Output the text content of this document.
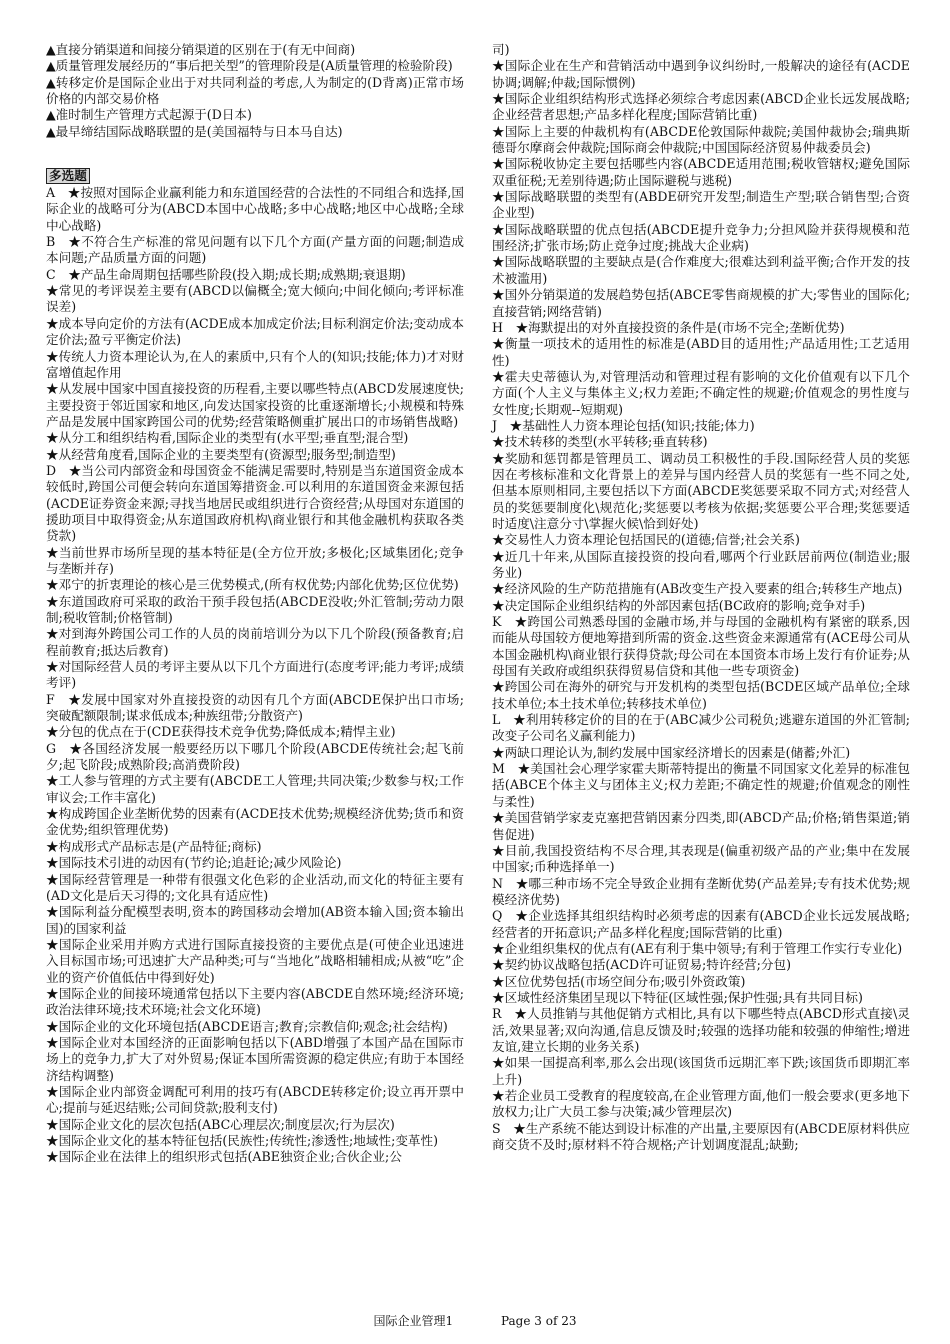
▲直接分销渠道和间接分销渠道的区别在于(有无中间商)

▲质量管理发展经历的“事后把关型”的管理阶段是(A质量管理的检验阶段)

▲转移定价是国际企业出于对共同利益的考虑,人为制定的(D背离)正常市场价格的内部交易价格

▲准时制生产管理方式起源于(D日本)

▲最早缔结国际战略联盟的是(美国福特与日本马自达)

多选题

A　★按照对国际企业赢利能力和东道国经营的合法性的不同组合和选择,国际企业的战略可分为(ABCD本国中心战略;多中心战略;地区中心战略;全球中心战略)

B　★不符合生产标准的常见问题有以下几个方面(产量方面的问题;制造成本问题;产品质量方面的问题)

C　★产品生命周期包括哪些阶段(投入期;成长期;成熟期;衰退期)

★常见的考评误差主要有(ABCD以偏概全;宽大倾向;中间化倾向;考评标准误差)

★成本导向定价的方法有(ACDE成本加成定价法;目标利润定价法;变动成本定价法;盈亏平衡定价法)

★传统人力资本理论认为,在人的素质中,只有个人的(知识;技能;体力)才对财富增值起作用

★从发展中国家中国直接投资的历程看,主要以哪些特点(ABCD发展速度快;主要投资于邻近国家和地区,向发达国家投资的比重逐渐增长;小规模和特殊产品是发展中国家跨国公司的优势;经营策略侧重扩展出口的市场销售战略)

★从分工和组织结构看,国际企业的类型有(水平型;垂直型;混合型)

★从经营角度看,国际企业的主要类型有(资源型;服务型;制造型)

D　★当公司内部资金和母国资金不能满足需要时,特别是当东道国资金成本较低时,跨国公司便会转向东道国筹措资金.可以利用的东道国资金来源包括(ACDE证券资金来源;寻找当地居民或组织进行合资经营;从母国对东道国的援助项目中取得资金;从东道国政府机构\商业银行和其他金融机构获取各类贷款)

★当前世界市场所呈现的基本特征是(全方位开放;多极化;区域集团化;竞争与垄断并存)

★邓宁的折衷理论的核心是三优势模式,(所有权优势;内部化优势;区位优势)

★东道国政府可采取的政治干预手段包括(ABCDE没收;外汇管制;劳动力限制;税收管制;价格管制)

★对到海外跨国公司工作的人员的岗前培训分为以下几个阶段(预备教育;启程前教育;抵达后教育)

★对国际经营人员的考评主要从以下几个方面进行(态度考评;能力考评;成绩考评)

F　★发展中国家对外直接投资的动因有几个方面(ABCDE保护出口市场;突破配额限制;谋求低成本;种族纽带;分散资产)

★分包的优点在于(CDE获得技术竞争优势;降低成本;精悍主业)

G　★各国经济发展一般要经历以下哪几个阶段(ABCDE传统社会;起飞前夕;起飞阶段;成熟阶段;高消费阶段)

★工人参与管理的方式主要有(ABCDE工人管理;共同决策;少数参与权;工作审议会;工作丰富化)

★构成跨国企业垄断优势的因素有(ACDE技术优势;规模经济优势;货币和资金优势;组织管理优势)

★构成形式产品标志是(产品特征;商标)

★国际技术引进的动因有(节约论;追赶论;减少风险论)

★国际经营管理是一种带有很强文化色彩的企业活动,而文化的特征主要有(AD文化是后天习得的;文化具有适应性)

★国际利益分配模型表明,资本的跨国移动会增加(AB资本输入国;资本输出国)的国家利益

★国际企业采用并购方式进行国际直接投资的主要优点是(可使企业迅速进入目标国市场;可迅速扩大产品种类;可与“当地化”战略相辅相成;从被“吃”企业的资产价值低估中得到好处)

★国际企业的间接环境通常包括以下主要内容(ABCDE自然环境;经济环境;政治法律环境;技术环境;社会文化环境)

★国际企业的文化环境包括(ABCDE语言;教育;宗教信仰;观念;社会结构)

★国际企业对本国经济的正面影响包括以下(ABD增强了本国产品在国际市场上的竞争力,扩大了对外贸易;保证本国所需资源的稳定供应;有助于本国经济结构调整)

★国际企业内部资金调配可利用的技巧有(ABCDE转移定价;设立再开票中心;提前与延迟结账;公司间贷款;股利支付)

★国际企业文化的层次包括(ABC心理层次;制度层次;行为层次)

★国际企业文化的基本特征包括(民族性;传统性;渗透性;地域性;变革性)

★国际企业在法律上的组织形式包括(ABE独资企业;合伙企业;公

司)

★国际企业在生产和营销活动中遇到争议纠纷时,一般解决的途径有(ACDE协调;调解;仲裁;国际惯例)

★国际企业组织结构形式选择必须综合考虑因素(ABCD企业长远发展战略;企业经营者思想;产品多样化程度;国际营销比重)

★国际上主要的仲裁机构有(ABCDE伦敦国际仲裁院;美国仲裁协会;瑞典斯德哥尔摩商会仲裁院;国际商会仲裁院;中国国际经济贸易仲裁委员会)

★国际税收协定主要包括哪些内容(ABCDE适用范围;税收管辖权;避免国际双重征税;无差别待遇;防止国际避税与逃税)

★国际战略联盟的类型有(ABDE研究开发型;制造生产型;联合销售型;合资企业型)

★国际战略联盟的优点包括(ABCDE提升竞争力;分担风险并获得规模和范围经济;扩张市场;防止竞争过度;挑战大企业病)

★国际战略联盟的主要缺点是(合作难度大;很难达到利益平衡;合作开发的技术被滥用)

★国外分销渠道的发展趋势包括(ABCE零售商规模的扩大;零售业的国际化;直接营销;网络营销)

H　★海默提出的对外直接投资的条件是(市场不完全;垄断优势)

★衡量一项技术的适用性的标准是(ABD目的适用性;产品适用性;工艺适用性)

★霍夫史蒂德认为,对管理活动和管理过程有影响的文化价值观有以下几个方面(个人主义与集体主义;权力差距;不确定性的规避;价值观念的男性度与女性度;长期观--短期观)

J　★基础性人力资本理论包括(知识;技能;体力)

★技术转移的类型(水平转移;垂直转移)

★奖励和惩罚都是管理员工、调动员工积极性的手段.国际经营人员的奖惩因在考核标准和文化背景上的差异与国内经营人员的奖惩有一些不同之处,但基本原则相同,主要包括以下方面(ABCDE奖惩要采取不同方式;对经营人员的奖惩要制度化\规范化;奖惩要以考核为依据;奖惩要公平合理;奖惩要适时适度\注意分寸\掌握火候\恰到好处)

★交易性人力资本理论包括国民的(道德;信誉;社会关系)

★近几十年来,从国际直接投资的投向看,哪两个行业跃居前两位(制造业;服务业)

★经济风险的生产防范措施有(AB改变生产投入要素的组合;转移生产地点)

★决定国际企业组织结构的外部因素包括(BC政府的影响;竞争对手)

K　★跨国公司熟悉母国的金融市场,并与母国的金融机构有紧密的联系,因而能从母国较方便地筹措到所需的资金.这些资金来源通常有(ACE母公司从本国金融机构\商业银行获得贷款;母公司在本国资本市场上发行有价证券;从母国有关政府或组织获得贸易信贷和其他一些专项资金)

★跨国公司在海外的研究与开发机构的类型包括(BCDE区域产品单位;全球技术单位;本土技术单位;转移技术单位)

L　★利用转移定价的目的在于(ABC减少公司税负;逃避东道国的外汇管制;改变子公司名义赢利能力)

★两缺口理论认为,制约发展中国家经济增长的因素是(储蓄;外汇)

M　★美国社会心理学家霍夫斯蒂特提出的衡量不同国家文化差异的标准包括(ABCE个体主义与团体主义;权力差距;不确定性的规避;价值观念的刚性与柔性)

★美国营销学家麦克塞把营销因素分四类,即(ABCD产品;价格;销售渠道;销售促进)

★目前,我国投资结构不尽合理,其表现是(偏重初级产品的产业;集中在发展中国家;币种选择单一)

N　★哪三种市场不完全导致企业拥有垄断优势(产品差异;专有技术优势;规模经济优势)

Q　★企业选择其组织结构时必须考虑的因素有(ABCD企业长远发展战略;经营者的开拓意识;产品多样化程度;国际营销的比重)

★企业组织集权的优点有(AE有利于集中领导;有利于管理工作实行专业化)

★契约协议战略包括(ACD许可证贸易;特许经营;分包)

★区位优势包括(市场空间分布;吸引外资政策)

★区域性经济集团呈现以下特征(区域性强;保护性强;具有共同目标)

R　★人员推销与其他促销方式相比,具有以下哪些特点(ABCD形式直接\灵活,效果显著;双向沟通,信息反馈及时;较强的选择功能和较强的伸缩性;增进友谊,建立长期的业务关系)

★如果一国提高利率,那么会出现(该国货币远期汇率下跌;该国货币即期汇率上升)

★若企业员工受教育的程度较高,在企业管理方面,他们一般会要求(更多地下放权力;让广大员工参与决策;减少管理层次)

S　★生产系统不能达到设计标准的产出量,主要原因有(ABCDE原材料供应商交货不及时;原材料不符合规格;产计划调度混乱;缺勤;

国际企业管理1	Page 3 of 23
